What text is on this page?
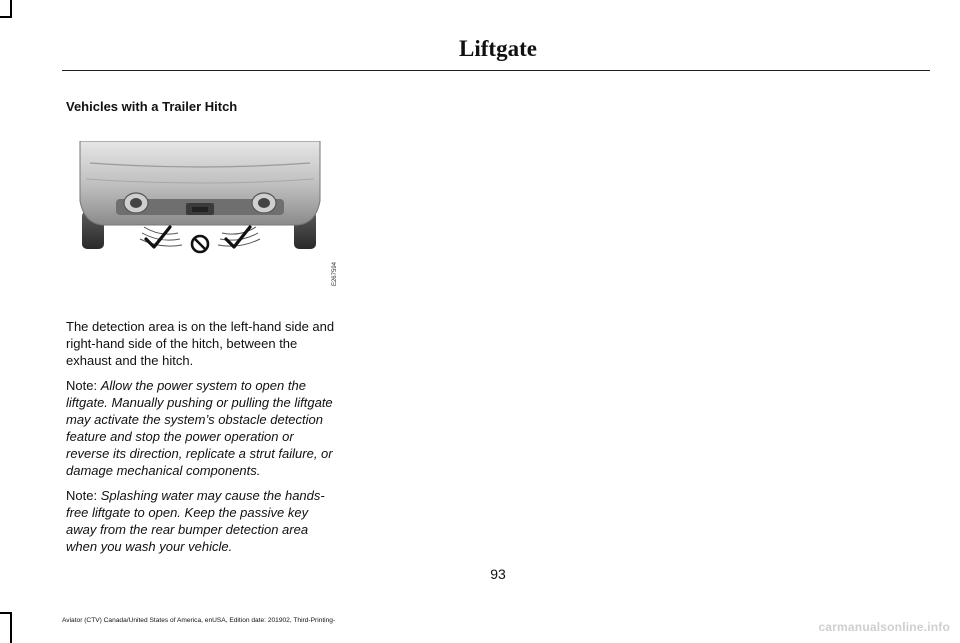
Liftgate
Vehicles with a Trailer Hitch
E267594

The detection area is on the left-hand side and right-hand side of the hitch, between the exhaust and the hitch.

Note: Allow the power system to open the liftgate. Manually pushing or pulling the liftgate may activate the system’s obstacle detection feature and stop the power operation or reverse its direction, replicate a strut failure, or damage mechanical components.

Note: Splashing water may cause the hands-free liftgate to open. Keep the passive key away from the rear bumper detection area when you wash your vehicle.

93
Aviator (CTV) Canada/United States of America, enUSA, Edition date: 201902, Third-Printing-	carmanualsonline.info
